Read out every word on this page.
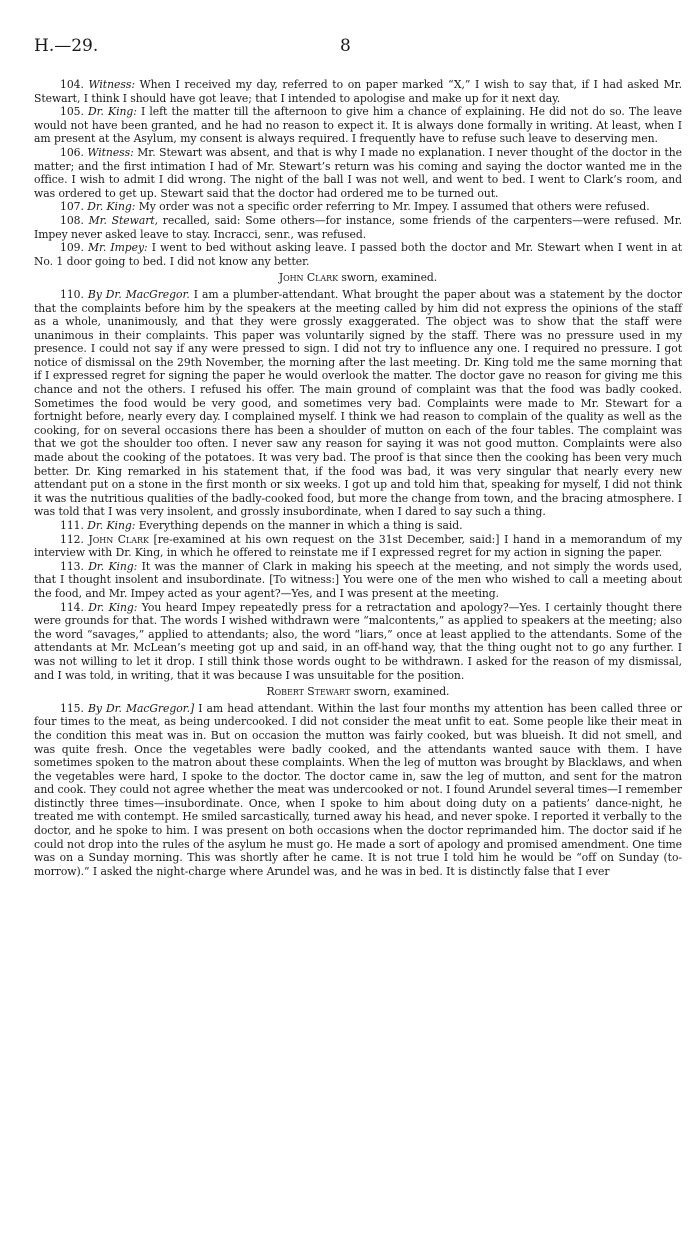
H.—29.	8

104. Witness: When I received my day, referred to on paper marked “X,” I wish to say that, if I had asked Mr. Stewart, I think I should have got leave; that I intended to apologise and make up for it next day.

105. Dr. King: I left the matter till the afternoon to give him a chance of explaining. He did not do so. The leave would not have been granted, and he had no reason to expect it. It is always done formally in writing. At least, when I am present at the Asylum, my consent is always required. I frequently have to refuse such leave to deserving men.

106. Witness: Mr. Stewart was absent, and that is why I made no explanation. I never thought of the doctor in the matter; and the first intimation I had of Mr. Stewart’s return was his coming and saying the doctor wanted me in the office. I wish to admit I did wrong. The night of the ball I was not well, and went to bed. I went to Clark’s room, and was ordered to get up. Stewart said that the doctor had ordered me to be turned out.

107. Dr. King: My order was not a specific order referring to Mr. Impey. I assumed that others were refused.

108. Mr. Stewart, recalled, said: Some others—for instance, some friends of the carpenters—were refused. Mr. Impey never asked leave to stay. Incracci, senr., was refused.

109. Mr. Impey: I went to bed without asking leave. I passed both the doctor and Mr. Stewart when I went in at No. 1 door going to bed. I did not know any better.

John Clark sworn, examined.

110. By Dr. MacGregor. I am a plumber-attendant. What brought the paper about was a statement by the doctor that the complaints before him by the speakers at the meeting called by him did not express the opinions of the staff as a whole, unanimously, and that they were grossly exaggerated. The object was to show that the staff were unanimous in their complaints. This paper was voluntarily signed by the staff. There was no pressure used in my presence. I could not say if any were pressed to sign. I did not try to influence any one. I required no pressure. I got notice of dismissal on the 29th November, the morning after the last meeting. Dr. King told me the same morning that if I expressed regret for signing the paper he would overlook the matter. The doctor gave no reason for giving me this chance and not the others. I refused his offer. The main ground of complaint was that the food was badly cooked. Sometimes the food would be very good, and sometimes very bad. Complaints were made to Mr. Stewart for a fortnight before, nearly every day. I complained myself. I think we had reason to complain of the quality as well as the cooking, for on several occasions there has been a shoulder of mutton on each of the four tables. The complaint was that we got the shoulder too often. I never saw any reason for saying it was not good mutton. Complaints were also made about the cooking of the potatoes. It was very bad. The proof is that since then the cooking has been very much better. Dr. King remarked in his statement that, if the food was bad, it was very singular that nearly every new attendant put on a stone in the first month or six weeks. I got up and told him that, speaking for myself, I did not think it was the nutritious qualities of the badly-cooked food, but more the change from town, and the bracing atmosphere. I was told that I was very insolent, and grossly insubordinate, when I dared to say such a thing.

111. Dr. King: Everything depends on the manner in which a thing is said.

112. John Clark [re-examined at his own request on the 31st December, said:] I hand in a memorandum of my interview with Dr. King, in which he offered to reinstate me if I expressed regret for my action in signing the paper.

113. Dr. King: It was the manner of Clark in making his speech at the meeting, and not simply the words used, that I thought insolent and insubordinate. [To witness:] You were one of the men who wished to call a meeting about the food, and Mr. Impey acted as your agent?—Yes, and I was present at the meeting.

114. Dr. King: You heard Impey repeatedly press for a retractation and apology?—Yes. I certainly thought there were grounds for that. The words I wished withdrawn were “malcontents,” as applied to speakers at the meeting; also the word “savages,” applied to attendants; also, the word “liars,” once at least applied to the attendants. Some of the attendants at Mr. McLean’s meeting got up and said, in an off-hand way, that the thing ought not to go any further. I was not willing to let it drop. I still think those words ought to be withdrawn. I asked for the reason of my dismissal, and I was told, in writing, that it was because I was unsuitable for the position.

Robert Stewart sworn, examined.

115. By Dr. MacGregor.] I am head attendant. Within the last four months my attention has been called three or four times to the meat, as being undercooked. I did not consider the meat unfit to eat. Some people like their meat in the condition this meat was in. But on occasion the mutton was fairly cooked, but was blueish. It did not smell, and was quite fresh. Once the vegetables were badly cooked, and the attendants wanted sauce with them. I have sometimes spoken to the matron about these complaints. When the leg of mutton was brought by Blacklaws, and when the vegetables were hard, I spoke to the doctor. The doctor came in, saw the leg of mutton, and sent for the matron and cook. They could not agree whether the meat was undercooked or not. I found Arundel several times—I remember distinctly three times—insubordinate. Once, when I spoke to him about doing duty on a patients’ dance-night, he treated me with contempt. He smiled sarcastically, turned away his head, and never spoke. I reported it verbally to the doctor, and he spoke to him. I was present on both occasions when the doctor reprimanded him. The doctor said if he could not drop into the rules of the asylum he must go. He made a sort of apology and promised amendment. One time was on a Sunday morning. This was shortly after he came. It is not true I told him he would be “off on Sunday (to-morrow).” I asked the night-charge where Arundel was, and he was in bed. It is distinctly false that I ever
